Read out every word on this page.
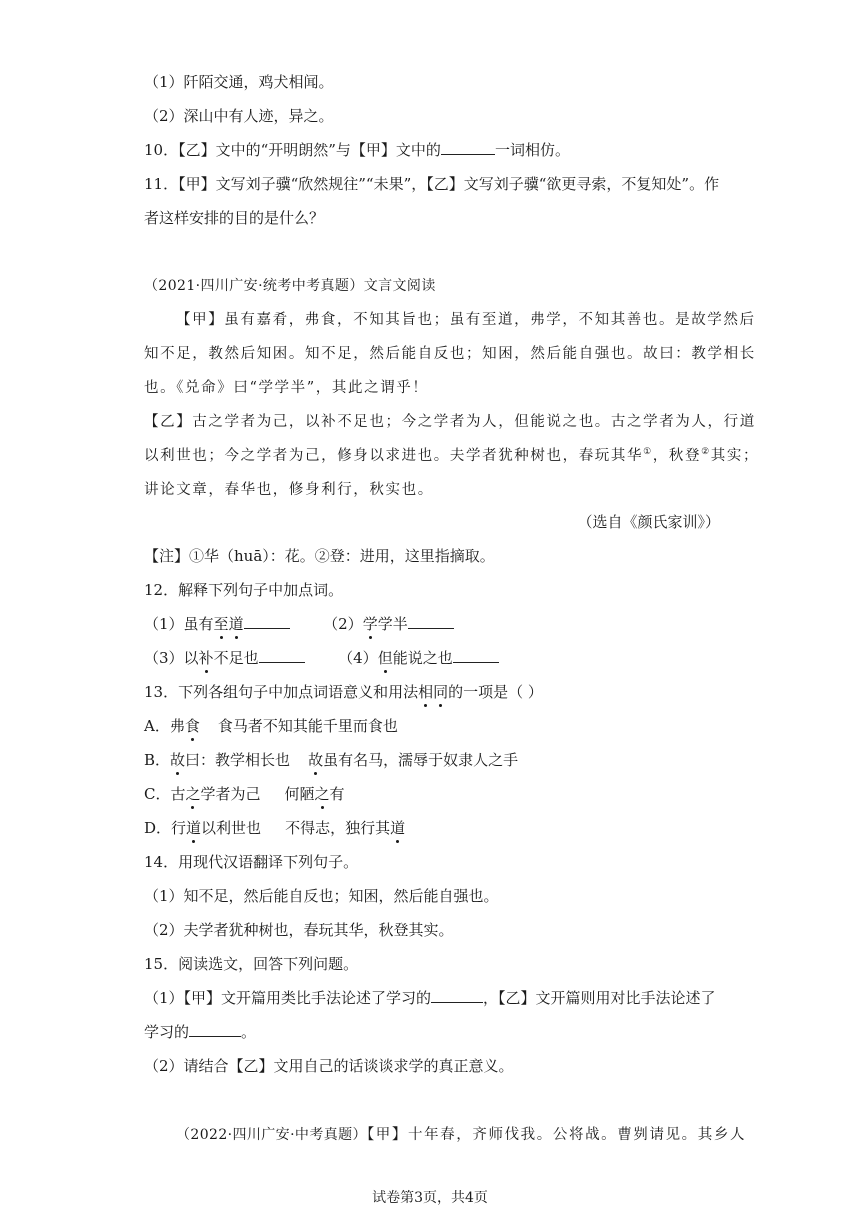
（1）阡陌交通，鸡犬相闻。
（2）深山中有人迹，异之。
10．【乙】文中的“开明朗然”与【甲】文中的	一词相仿。
11．【甲】文写刘子骥“欣然规往”“未果”，【乙】文写刘子骥“欲更寻索，不复知处”。作
者这样安排的目的是什么？
（2021·四川广安·统考中考真题）文言文阅读
【甲】虽有嘉肴，弗食，不知其旨也；虽有至道，弗学，不知其善也。是故学然后
知不足，教然后知困。知不足，然后能自反也；知困，然后能自强也。故曰：教学相长
也。《兑命》曰“学学半”，其此之谓乎！
【乙】古之学者为己，以补不足也；今之学者为人，但能说之也。古之学者为人，行道
以利世也；今之学者为己，修身以求进也。夫学者犹种树也，春玩其华①，秋登②其实；
讲论文章，春华也，修身利行，秋实也。
（选自《颜氏家训》）
【注】①华（huā）：花。②登：进用，这里指摘取。
12．解释下列句子中加点词。
（1）虽有至道	（2）学学半
（3）以补不足也	（4）但能说之也
13．下列各组句子中加点词语意义和用法相同的一项是（ ）
A．弗食 食马者不知其能千里而食也
B．故曰：教学相长也 故虽有名马，濡辱于奴隶人之手
C．古之学者为己 何陋之有
D．行道以利世也 不得志，独行其道
14．用现代汉语翻译下列句子。
（1）知不足，然后能自反也；知困，然后能自强也。
（2）夫学者犹种树也，春玩其华，秋登其实。
15．阅读选文，回答下列问题。
（1）【甲】文开篇用类比手法论述了学习的	，【乙】文开篇则用对比手法论述了
学习的	。
（2）请结合【乙】文用自己的话谈谈求学的真正意义。
（2022·四川广安·中考真题）【甲】十年春，齐师伐我。公将战。曹刿请见。其乡人
试卷第3页，共4页
